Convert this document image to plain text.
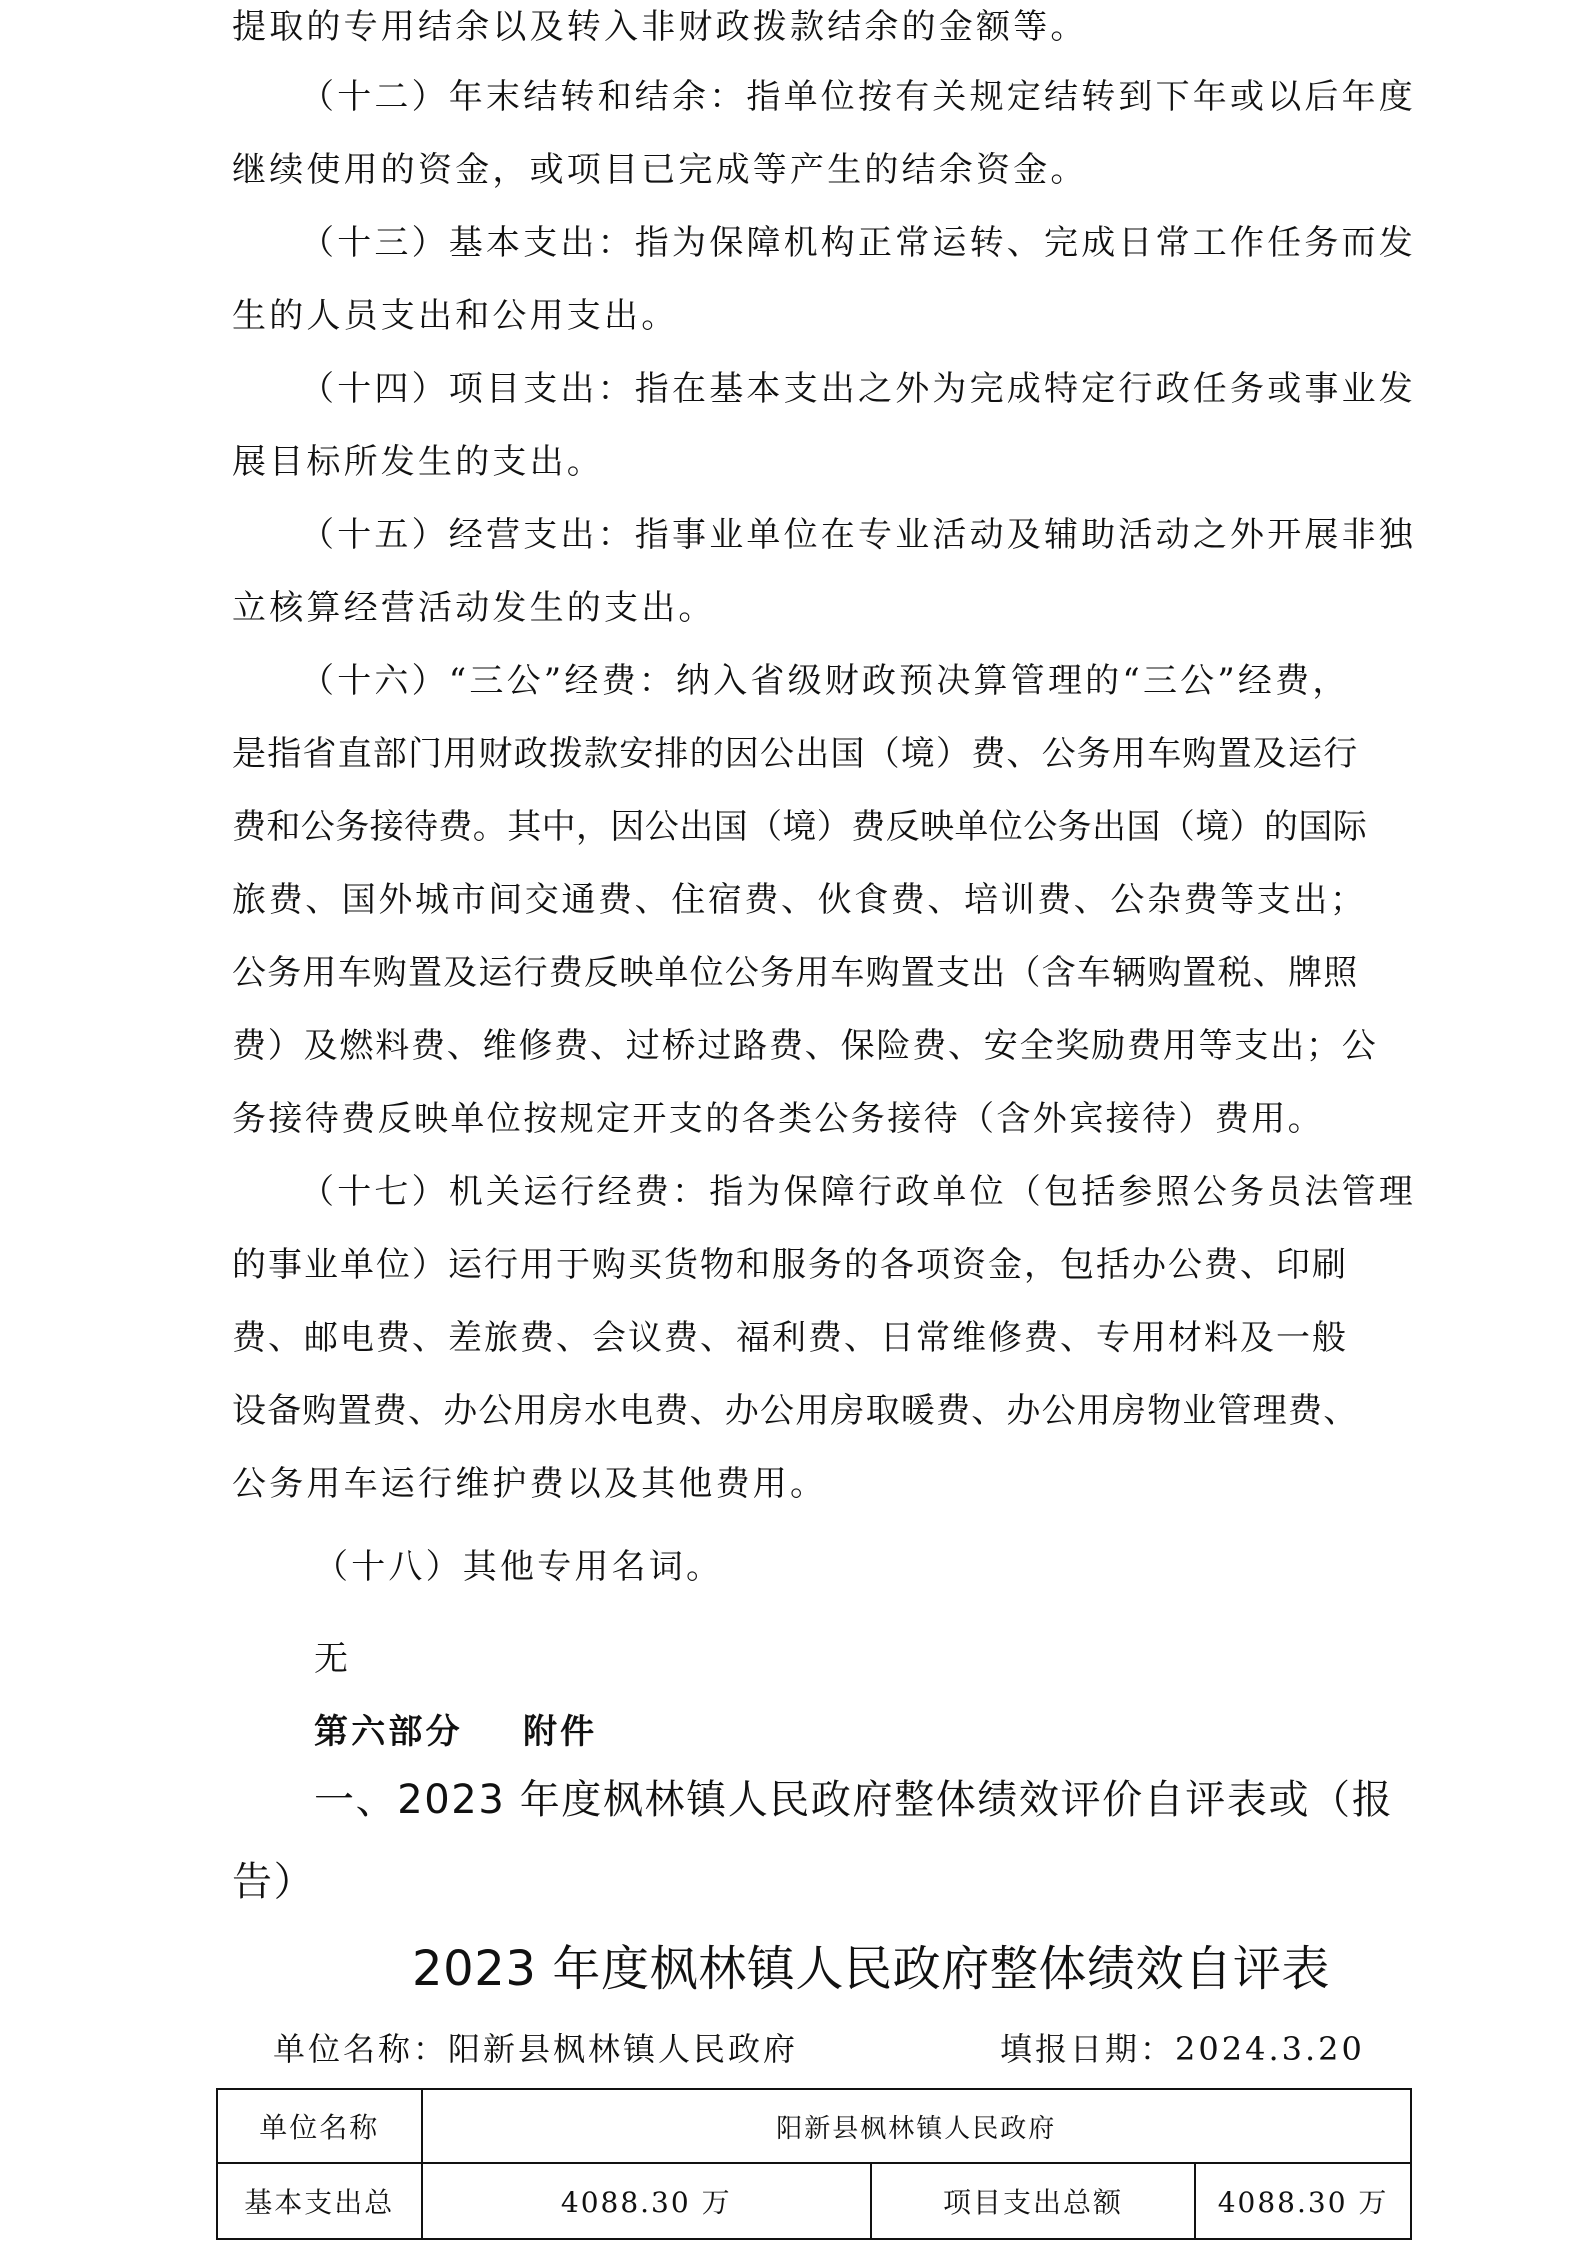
提取的专用结余以及转入非财政拨款结余的金额等。
（十二）年末结转和结余：指单位按有关规定结转到下年或以后年度
继续使用的资金，或项目已完成等产生的结余资金。
（十三）基本支出：指为保障机构正常运转、完成日常工作任务而发
生的人员支出和公用支出。
（十四）项目支出：指在基本支出之外为完成特定行政任务或事业发
展目标所发生的支出。
（十五）经营支出：指事业单位在专业活动及辅助活动之外开展非独
立核算经营活动发生的支出。
（十六）“三公”经费：纳入省级财政预决算管理的“三公”经费，
是指省直部门用财政拨款安排的因公出国（境）费、公务用车购置及运行
费和公务接待费。其中，因公出国（境）费反映单位公务出国（境）的国际
旅费、国外城市间交通费、住宿费、伙食费、培训费、公杂费等支出；
公务用车购置及运行费反映单位公务用车购置支出（含车辆购置税、牌照
费）及燃料费、维修费、过桥过路费、保险费、安全奖励费用等支出；公
务接待费反映单位按规定开支的各类公务接待（含外宾接待）费用。
（十七）机关运行经费：指为保障行政单位（包括参照公务员法管理
的事业单位）运行用于购买货物和服务的各项资金，包括办公费、印刷
费、邮电费、差旅费、会议费、福利费、日常维修费、专用材料及一般
设备购置费、办公用房水电费、办公用房取暖费、办公用房物业管理费、
公务用车运行维护费以及其他费用。
（十八）其他专用名词。
无
第六部分    附件
一、2023 年度枫林镇人民政府整体绩效评价自评表或（报
告）
2023 年度枫林镇人民政府整体绩效自评表
单位名称：阳新县枫林镇人民政府	填报日期：2024.3.20
单位名称	阳新县枫林镇人民政府		
基本支出总	4088.30 万	项目支出总额	4088.30 万
